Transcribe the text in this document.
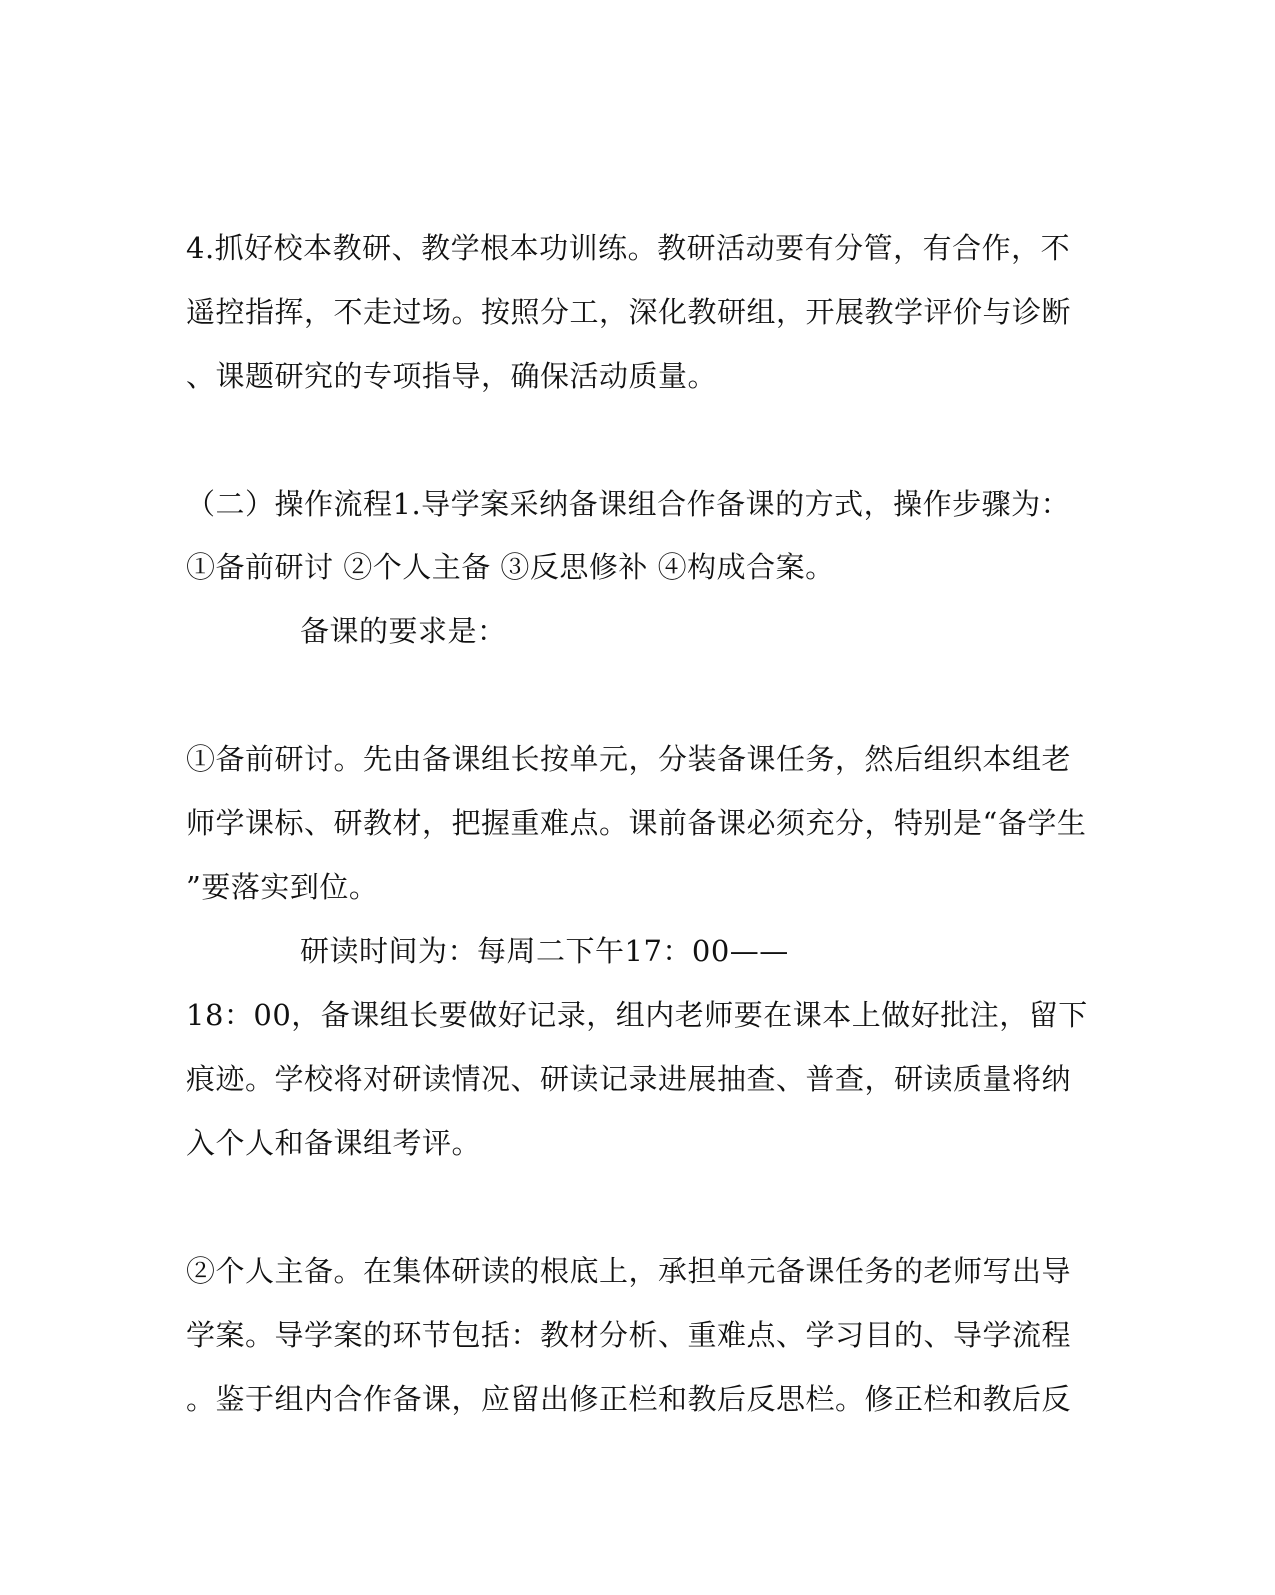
4.抓好校本教研、教学根本功训练。教研活动要有分管，有合作，不
遥控指挥，不走过场。按照分工，深化教研组，开展教学评价与诊断
、课题研究的专项指导，确保活动质量。
（二）操作流程1.导学案采纳备课组合作备课的方式，操作步骤为：
①备前研讨 ②个人主备 ③反思修补 ④构成合案。
备课的要求是：
①备前研讨。先由备课组长按单元，分装备课任务，然后组织本组老
师学课标、研教材，把握重难点。课前备课必须充分，特别是“备学生
”要落实到位。
研读时间为：每周二下午17：00——
18：00，备课组长要做好记录，组内老师要在课本上做好批注，留下
痕迹。学校将对研读情况、研读记录进展抽查、普查，研读质量将纳
入个人和备课组考评。
②个人主备。在集体研读的根底上，承担单元备课任务的老师写出导
学案。导学案的环节包括：教材分析、重难点、学习目的、导学流程
。鉴于组内合作备课，应留出修正栏和教后反思栏。修正栏和教后反
